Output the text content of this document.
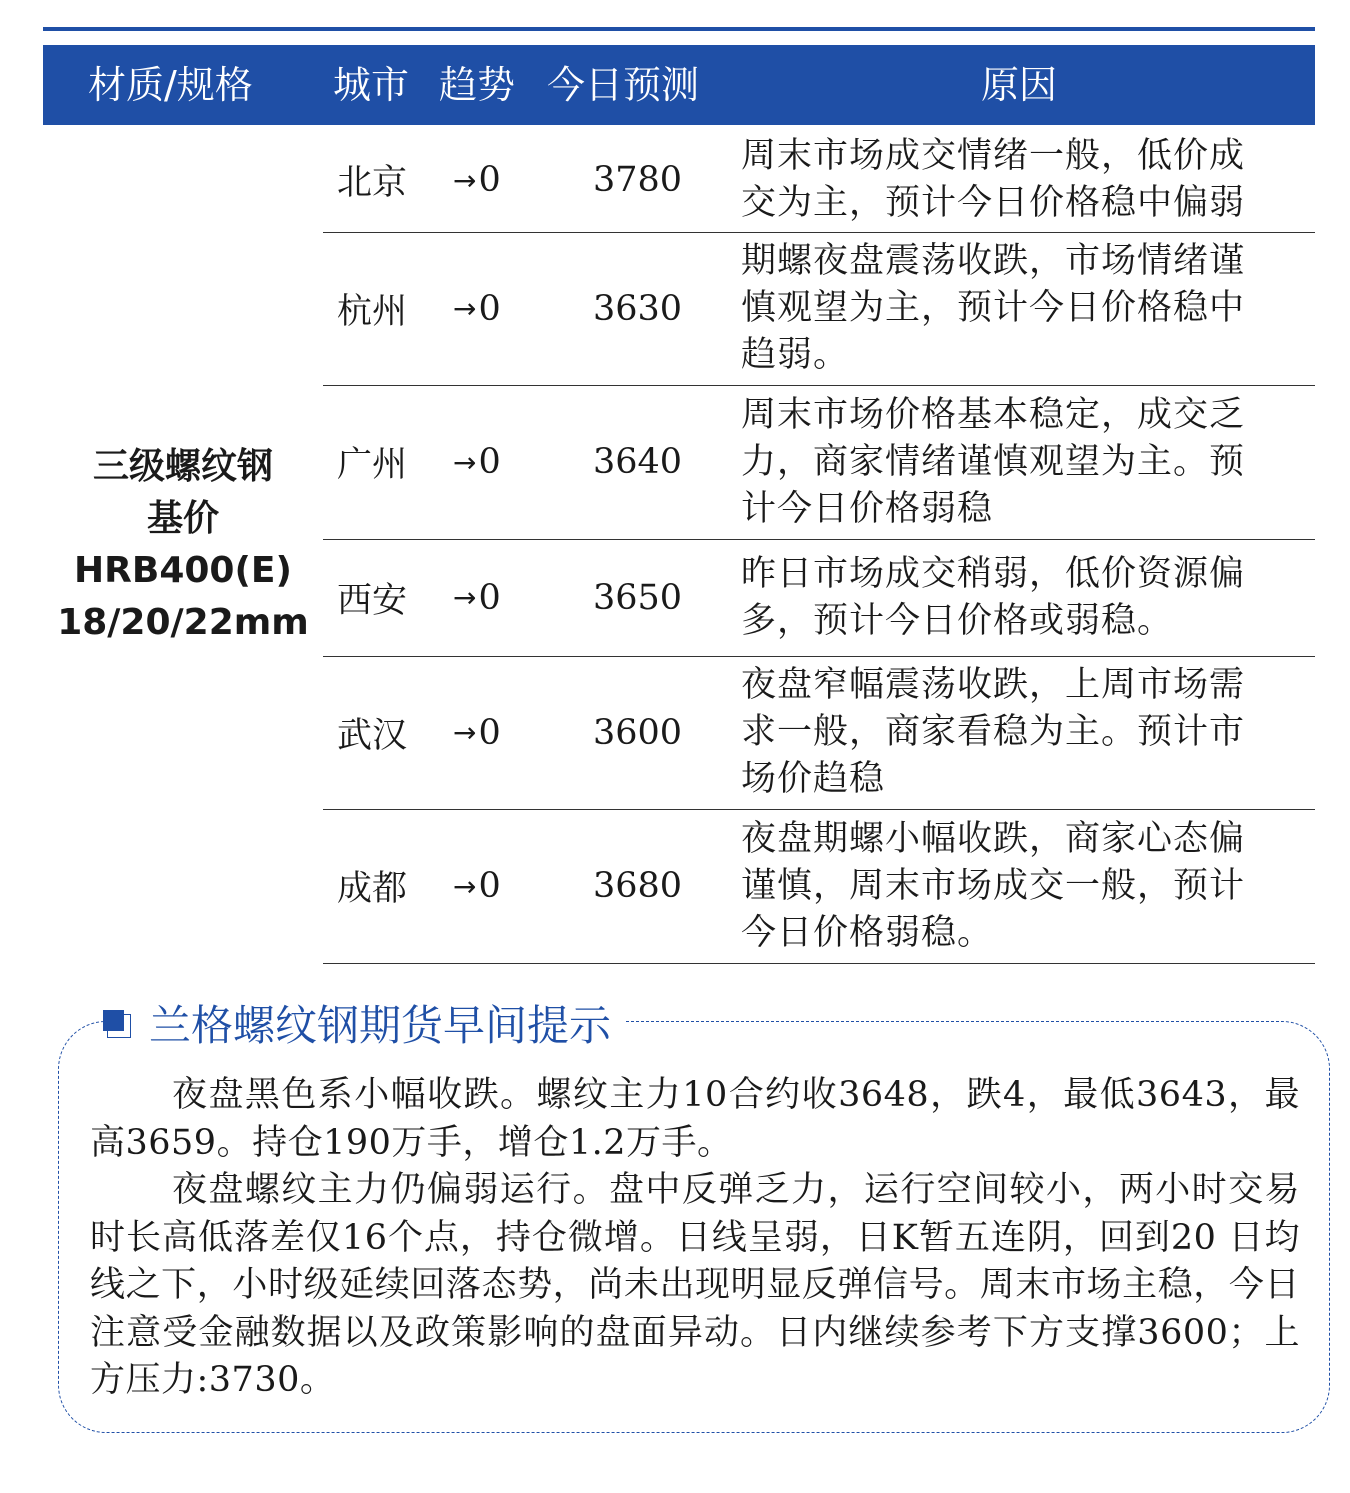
材质/规格 城市 趋势 今日预测	原因
三级螺纹钢
基价
HRB400(E)
18/20/22mm
北京 → 0	3780
周末市场成交情绪一般，低价成
交为主，预计今日价格稳中偏弱
杭州 → 0	3630
期螺夜盘震荡收跌，市场情绪谨
慎观望为主，预计今日价格稳中
趋弱。
广州 → 0	3640
周末市场价格基本稳定，成交乏
力，商家情绪谨慎观望为主。预
计今日价格弱稳
西安 → 0	3650
昨日市场成交稍弱，低价资源偏
多，预计今日价格或弱稳。
武汉 → 0	3600
夜盘窄幅震荡收跌，上周市场需
求一般，商家看稳为主。预计市
场价趋稳
成都 → 0	3680
夜盘期螺小幅收跌，商家心态偏
谨慎，周末市场成交一般，预计
今日价格弱稳。
兰格螺纹钢期货早间提示

夜盘黑色系小幅收跌。螺纹主力10合约收3648，跌4，最低3643，最高3659。持仓190万手，增仓1.2万手。

夜盘螺纹主力仍偏弱运行。盘中反弹乏力，运行空间较小，两小时交易时长高低落差仅16个点，持仓微增。日线呈弱，日K暂五连阴，回到20 日均线之下，小时级延续回落态势，尚未出现明显反弹信号。周末市场主稳，今日注意受金融数据以及政策影响的盘面异动。日内继续参考下方支撑3600；上方压力:3730。
